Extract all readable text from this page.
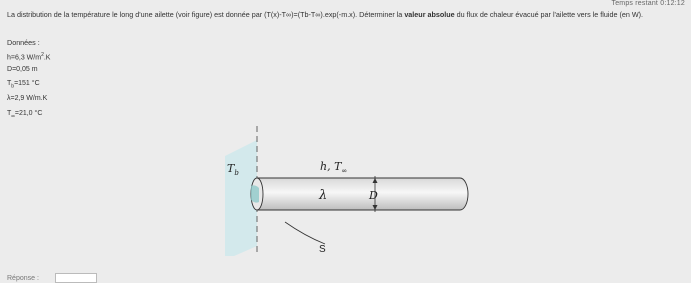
Temps restant 0:12:12
La distribution de la température le long d'une ailette (voir figure) est donnée par (T(x)-T∞)=(Tb-T∞).exp(-m.x). Déterminer la valeur absolue du flux de chaleur évacué par l'ailette vers le fluide (en W).
Données :
h=6,3 $W/m^2.K$
D=0,05 m
$T_b=151$ °C
λ=2,9 W/m.K
$T_\infty=21,0$ °C
$T_b$	h, $T_\infty$
λ	D
S
Réponse :
